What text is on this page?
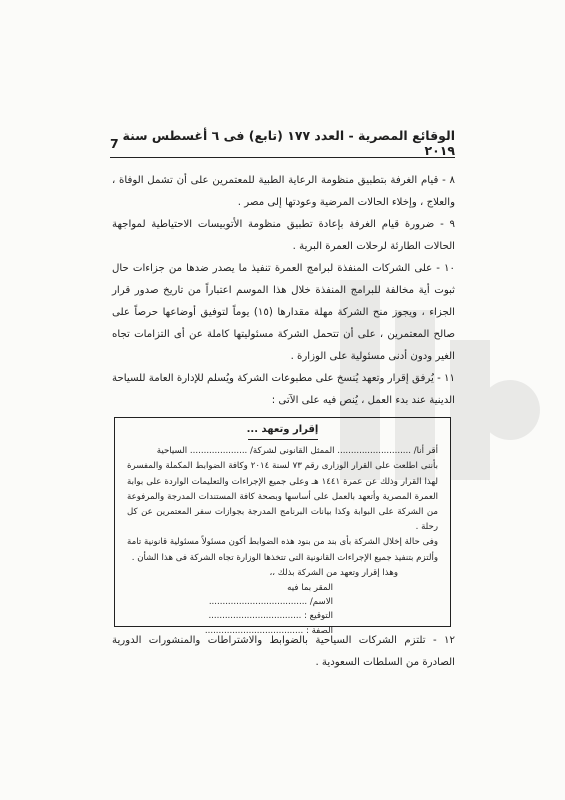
الوقائع المصرية - العدد ١٧٧ (تابع) فى ٦ أغسطس سنة ٢٠١٩
7

٨ - قيام الغرفة بتطبيق منظومة الرعاية الطبية للمعتمرين على أن تشمل الوفاة ، والعلاج ، وإخلاء الحالات المرضية وعودتها إلى مصر .

٩ - ضرورة قيام الغرفة بإعادة تطبيق منظومة الأتوبيسات الاحتياطية لمواجهة الحالات الطارئة لرحلات العمرة البرية .

١٠ - على الشركات المنفذة لبرامج العمرة تنفيذ ما يصدر ضدها من جزاءات حال ثبوت أية مخالفة للبرامج المنفذة خلال هذا الموسم اعتباراً من تاريخ صدور قرار الجزاء ، ويجوز منح الشركة مهلة مقدارها (١٥) يوماً لتوفيق أوضاعها حرصاً على صالح المعتمرين ، على أن تتحمل الشركة مسئوليتها كاملة عن أى التزامات تجاه الغير ودون أدنى مسئولية على الوزارة .

١١ - يُرفق إقرار وتعهد يُنسخ على مطبوعات الشركة ويُسلم للإدارة العامة للسياحة الدينية عند بدء العمل ، يُنص فيه على الآتى :

إقرار وتعهد ...

أقر أنا/ ........................... الممثل القانونى لشركة/ ..................... السياحية

بأننى اطلعت على القرار الوزارى رقم ٧٣ لسنة ٢٠١٤ وكافة الضوابط المكملة والمفسرة لهذا القرار وذلك عن عمرة ١٤٤١ هـ وعلى جميع الإجراءات والتعليمات الواردة على بوابة العمرة المصرية وأتعهد بالعمل على أساسها وبصحة كافة المستندات المدرجة والمرفوعة من الشركة على البوابة وكذا بيانات البرنامج المدرجة بجوازات سفر المعتمرين عن كل رحلة .

وفى حالة إخلال الشركة بأى بند من بنود هذه الضوابط أكون مسئولاً مسئولية قانونية تامة وألتزم بتنفيذ جميع الإجراءات القانونية التى تتخذها الوزارة تجاه الشركة فى هذا الشأن .

وهذا إقرار وتعهد من الشركة بذلك ،،

المقر بما فيه
الاسم/ ....................................
التوقيع : ..................................
الصفة : ....................................

١٢ - تلتزم الشركات السياحية بالضوابط والاشتراطات والمنشورات الدورية الصادرة من السلطات السعودية .
